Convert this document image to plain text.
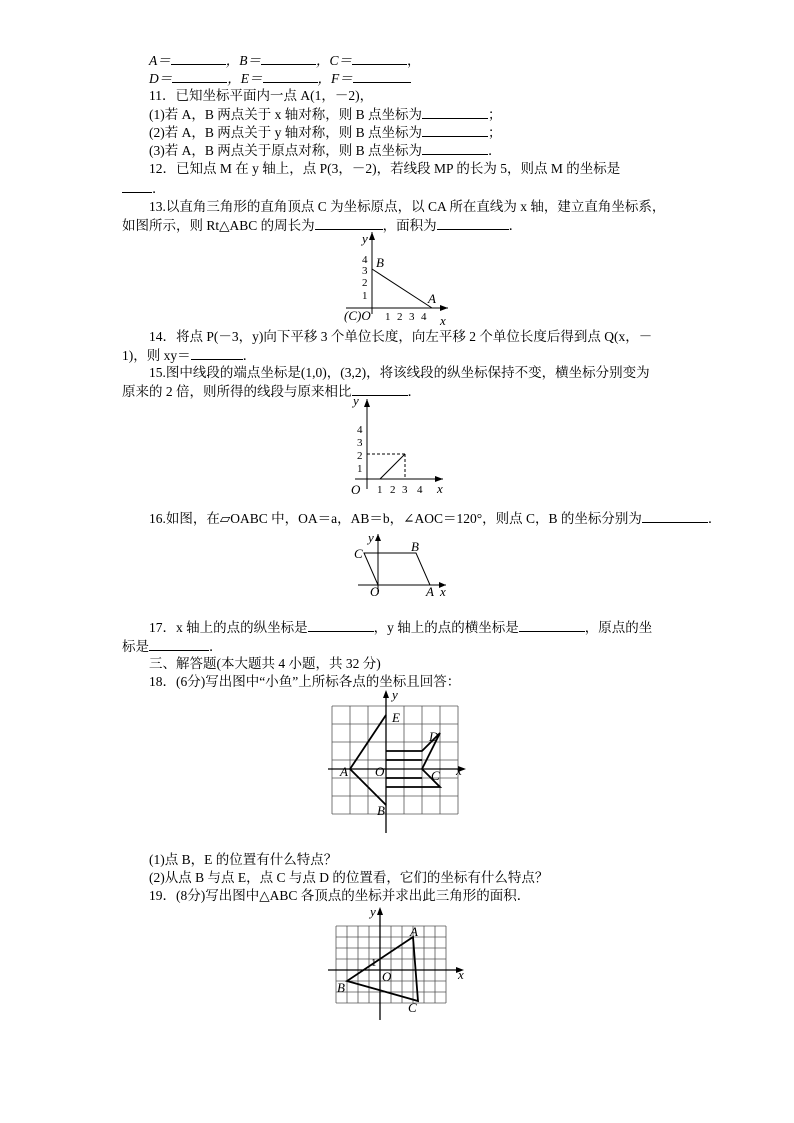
A＝	，B＝	，C＝	，
D＝	，E＝	，F＝
11．已知坐标平面内一点 A(1，－2)，
(1)若 A，B 两点关于 x 轴对称，则 B 点坐标为	；
(2)若 A，B 两点关于 y 轴对称，则 B 点坐标为	；
(3)若 A，B 两点关于原点对称，则 B 点坐标为	．
12．已知点 M 在 y 轴上，点 P(3，－2)，若线段 MP 的长为 5，则点 M 的坐标是
．
13.以直角三角形的直角顶点 C 为坐标原点，以 CA 所在直线为 x 轴，建立直角坐标系，
如图所示，则 Rt△ABC 的周长为	，面积为	．
y
x
B
A
(C)O
4
3
2
1
1 2 3 4
14．将点 P(－3，y)向下平移 3 个单位长度，向左平移 2 个单位长度后得到点 Q(x，－
1)，则 xy＝	．
15.图中线段的端点坐标是(1,0)，(3,2)，将该线段的纵坐标保持不变，横坐标分别变为
原来的 2 倍，则所得的线段与原来相比	．
y
x
O
4
3
2
1
1 2 3 4
16.如图，在▱OABC 中，OA＝a，AB＝b，∠AOC＝120°，则点 C，B 的坐标分别为	．
y
x
C	B
O	A
17．x 轴上的点的纵坐标是	，y 轴上的点的横坐标是	，原点的坐
标是	．
三、解答题(本大题共 4 小题，共 32 分)
18．(6分)写出图中“小鱼”上所标各点的坐标且回答：
y
x
E
D
A O	C
B
(1)点 B，E 的位置有什么特点？
(2)从点 B 与点 E，点 C 与点 D 的位置看，它们的坐标有什么特点？
19．(8分)写出图中△ABC 各顶点的坐标并求出此三角形的面积．
y
x
A
B
C
O
1
